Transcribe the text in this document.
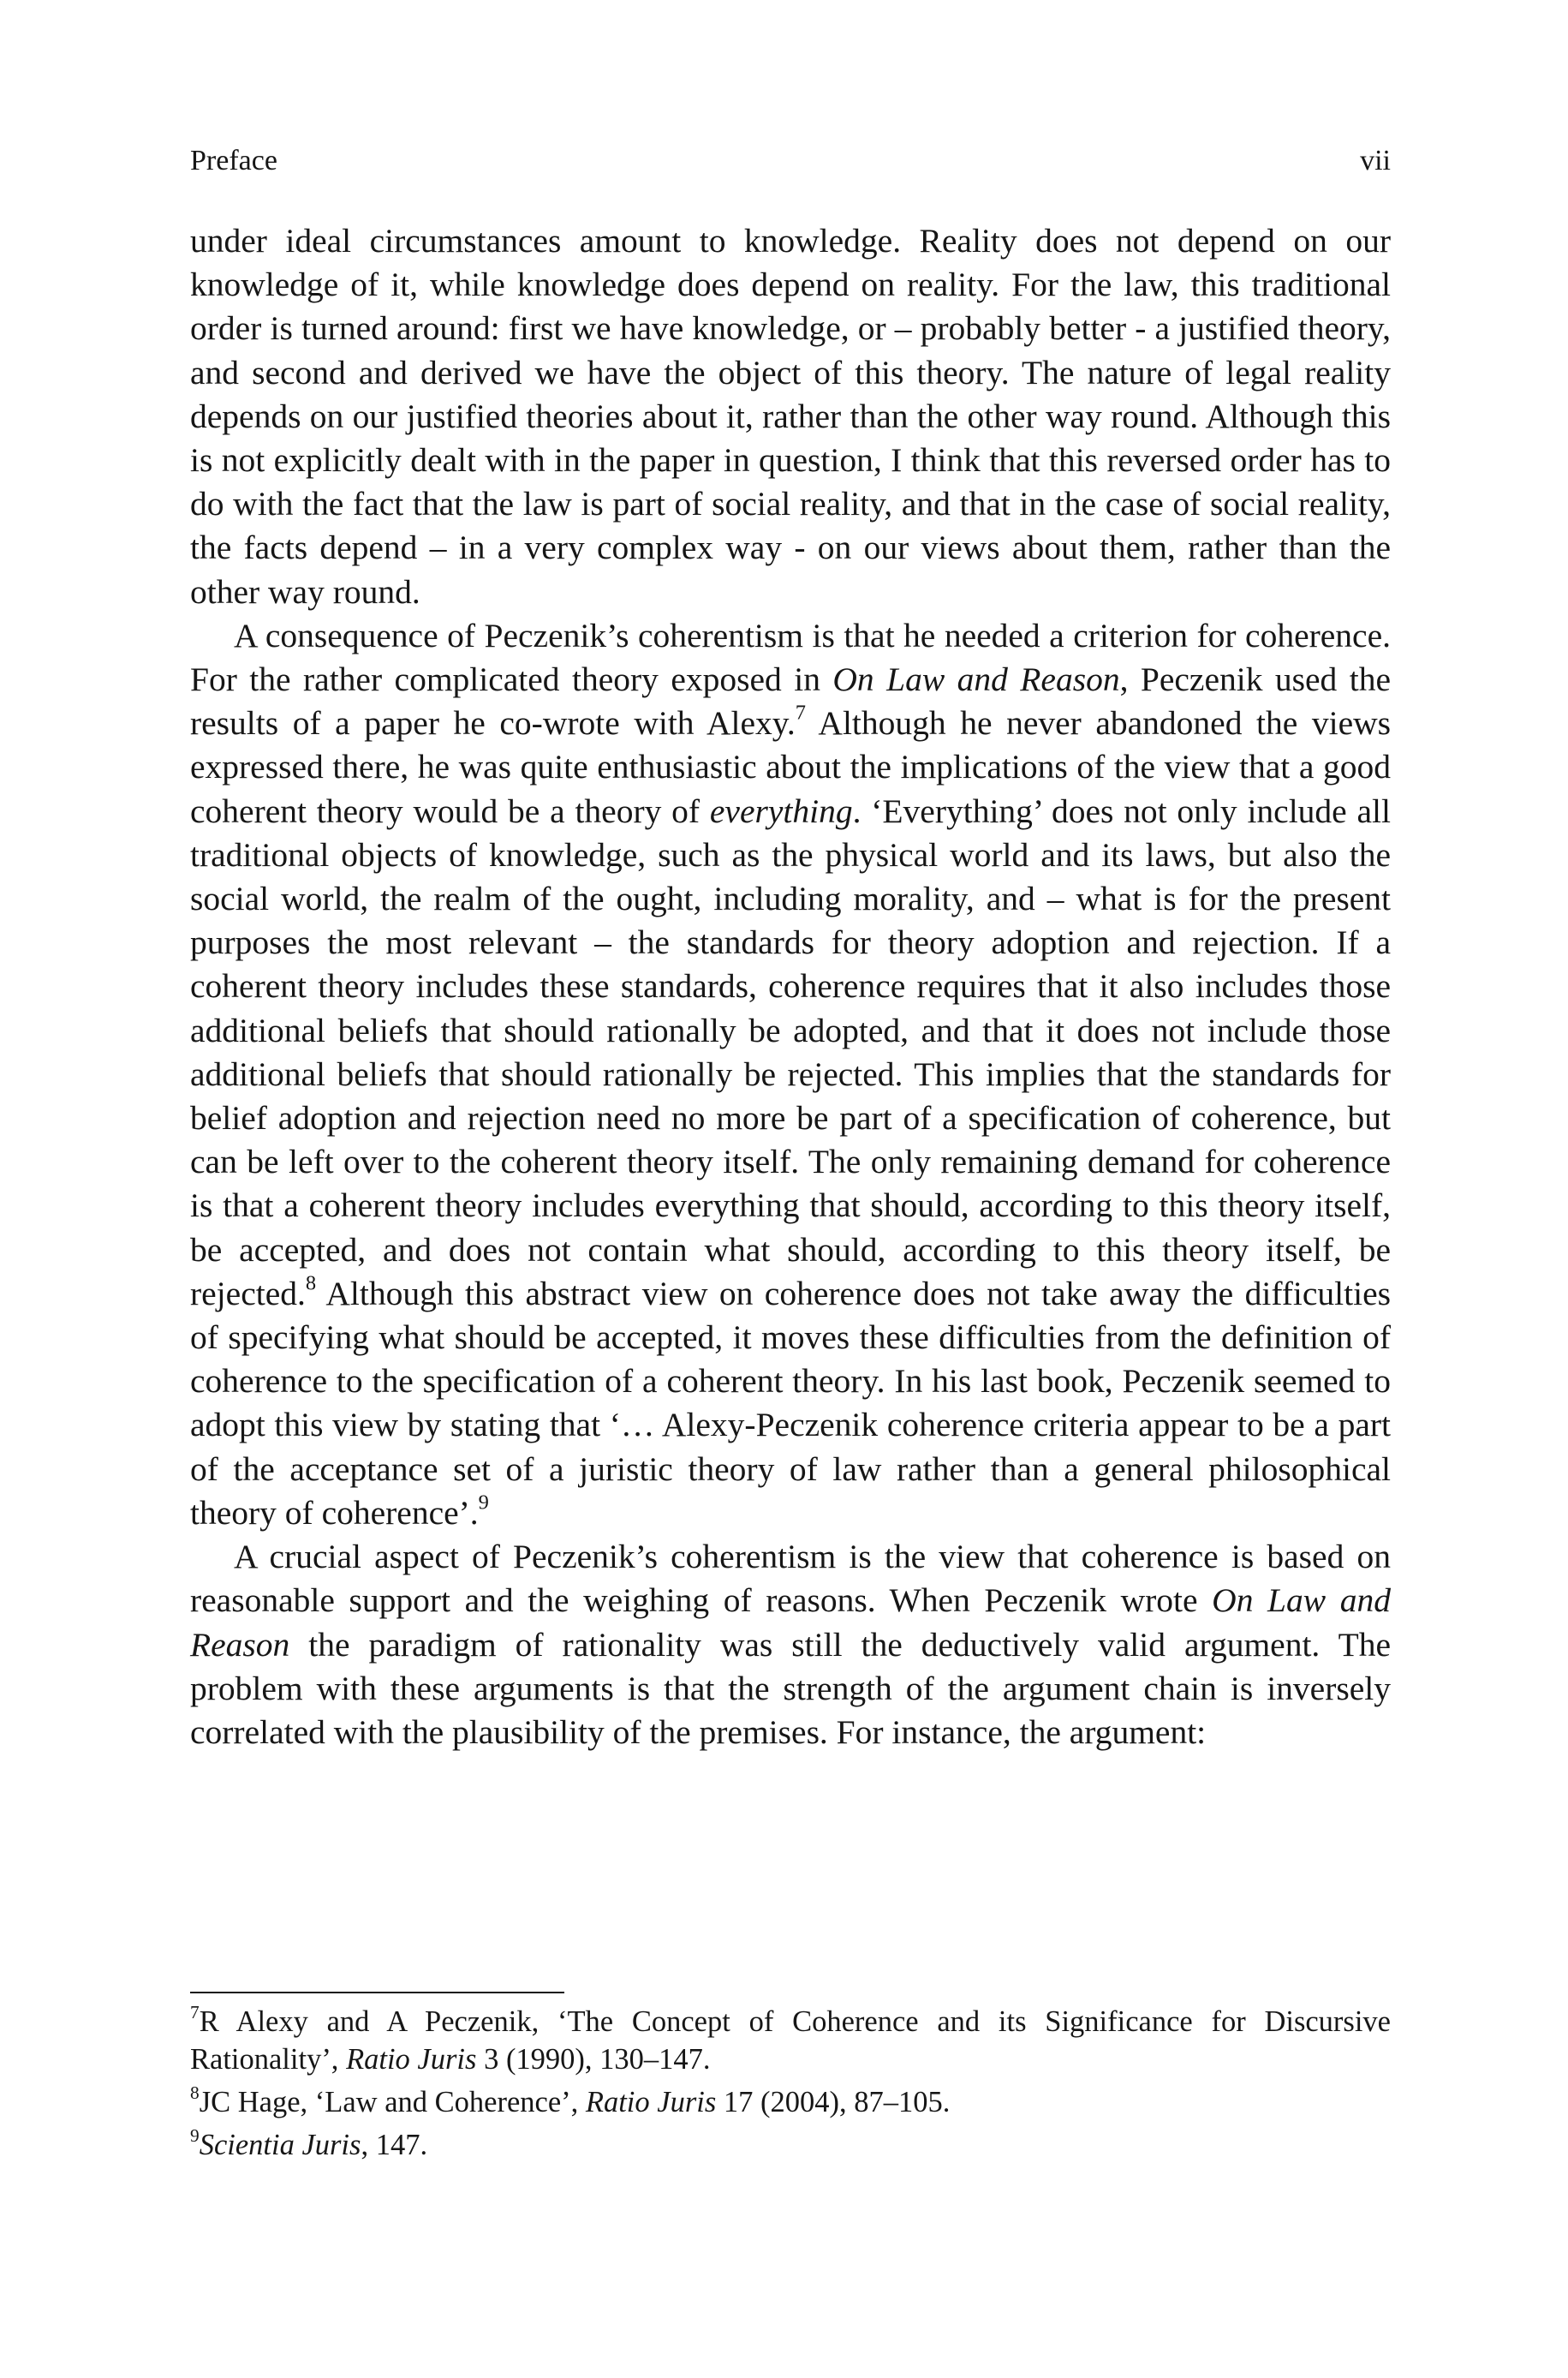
Preface	vii

under ideal circumstances amount to knowledge. Reality does not depend on our knowledge of it, while knowledge does depend on reality. For the law, this traditional order is turned around: first we have knowledge, or – probably better - a justified theory, and second and derived we have the object of this theory. The nature of legal reality depends on our justified theories about it, rather than the other way round. Although this is not explicitly dealt with in the paper in question, I think that this reversed order has to do with the fact that the law is part of social reality, and that in the case of social reality, the facts depend – in a very complex way - on our views about them, rather than the other way round.

A consequence of Peczenik’s coherentism is that he needed a criterion for coherence. For the rather complicated theory exposed in On Law and Reason, Peczenik used the results of a paper he co-wrote with Alexy.$^7$ Although he never abandoned the views expressed there, he was quite enthusiastic about the implications of the view that a good coherent theory would be a theory of everything. ‘Everything’ does not only include all traditional objects of knowledge, such as the physical world and its laws, but also the social world, the realm of the ought, including morality, and – what is for the present purposes the most relevant – the standards for theory adoption and rejection. If a coherent theory includes these standards, coherence requires that it also includes those additional beliefs that should rationally be adopted, and that it does not include those additional beliefs that should rationally be rejected. This implies that the standards for belief adoption and rejection need no more be part of a specification of coherence, but can be left over to the coherent theory itself. The only remaining demand for coherence is that a coherent theory includes everything that should, according to this theory itself, be accepted, and does not contain what should, according to this theory itself, be rejected.$^8$ Although this abstract view on coherence does not take away the difficulties of specifying what should be accepted, it moves these difficulties from the definition of coherence to the specification of a coherent theory. In his last book, Peczenik seemed to adopt this view by stating that ‘… Alexy-Peczenik coherence criteria appear to be a part of the acceptance set of a juristic theory of law rather than a general philosophical theory of coherence’.$^9$

A crucial aspect of Peczenik’s coherentism is the view that coherence is based on reasonable support and the weighing of reasons. When Peczenik wrote On Law and Reason the paradigm of rationality was still the deductively valid argument. The problem with these arguments is that the strength of the argument chain is inversely correlated with the plausibility of the premises. For instance, the argument:

$^7$R Alexy and A Peczenik, ‘The Concept of Coherence and its Significance for Discursive Rationality’, Ratio Juris 3 (1990), 130–147.
$^8$JC Hage, ‘Law and Coherence’, Ratio Juris 17 (2004), 87–105.
$^9$Scientia Juris, 147.
